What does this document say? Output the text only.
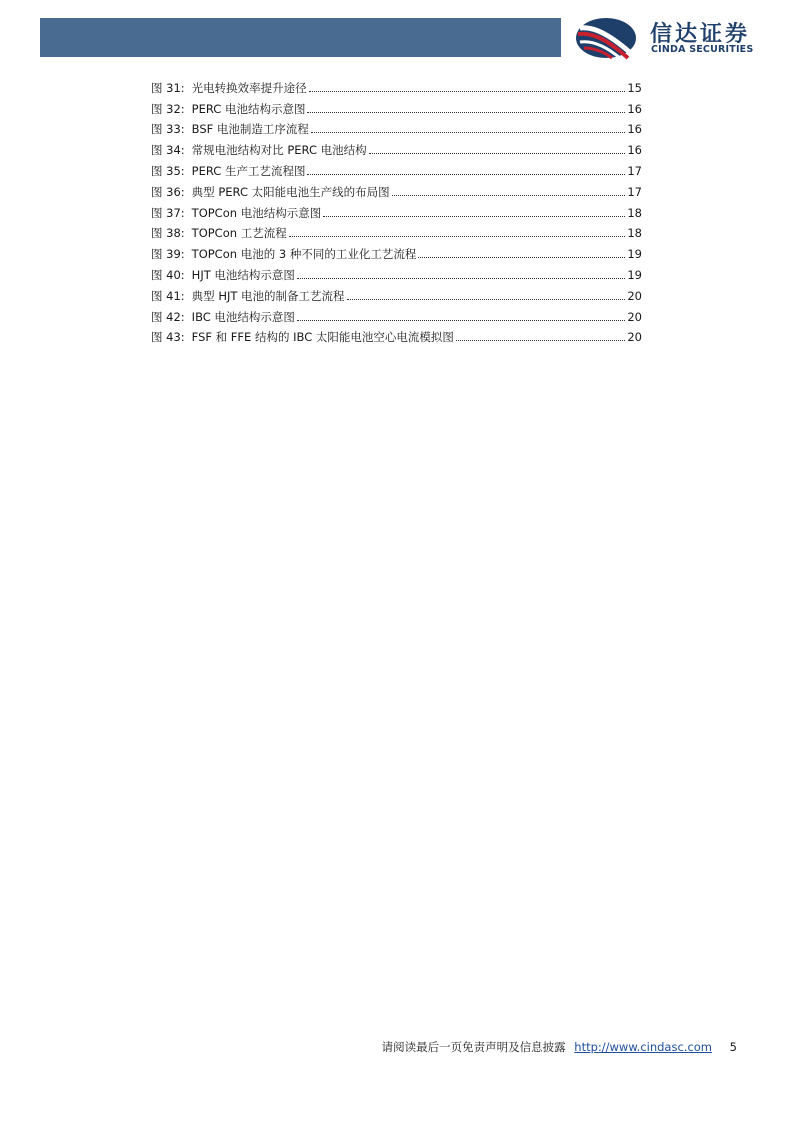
信达证券
CINDA SECURITIES
图 31: 光电转换效率提升途径	15
图 32: PERC 电池结构示意图	16
图 33: BSF 电池制造工序流程	16
图 34: 常规电池结构对比 PERC 电池结构	16
图 35: PERC 生产工艺流程图	17
图 36: 典型 PERC 太阳能电池生产线的布局图	17
图 37: TOPCon 电池结构示意图	18
图 38: TOPCon 工艺流程	18
图 39: TOPCon 电池的 3 种不同的工业化工艺流程	19
图 40: HJT 电池结构示意图	19
图 41: 典型 HJT 电池的制备工艺流程	20
图 42: IBC 电池结构示意图	20
图 43: FSF 和 FFE 结构的 IBC 太阳能电池空心电流模拟图	20
请阅读最后一页免责声明及信息披露 http://www.cindasc.com 5
